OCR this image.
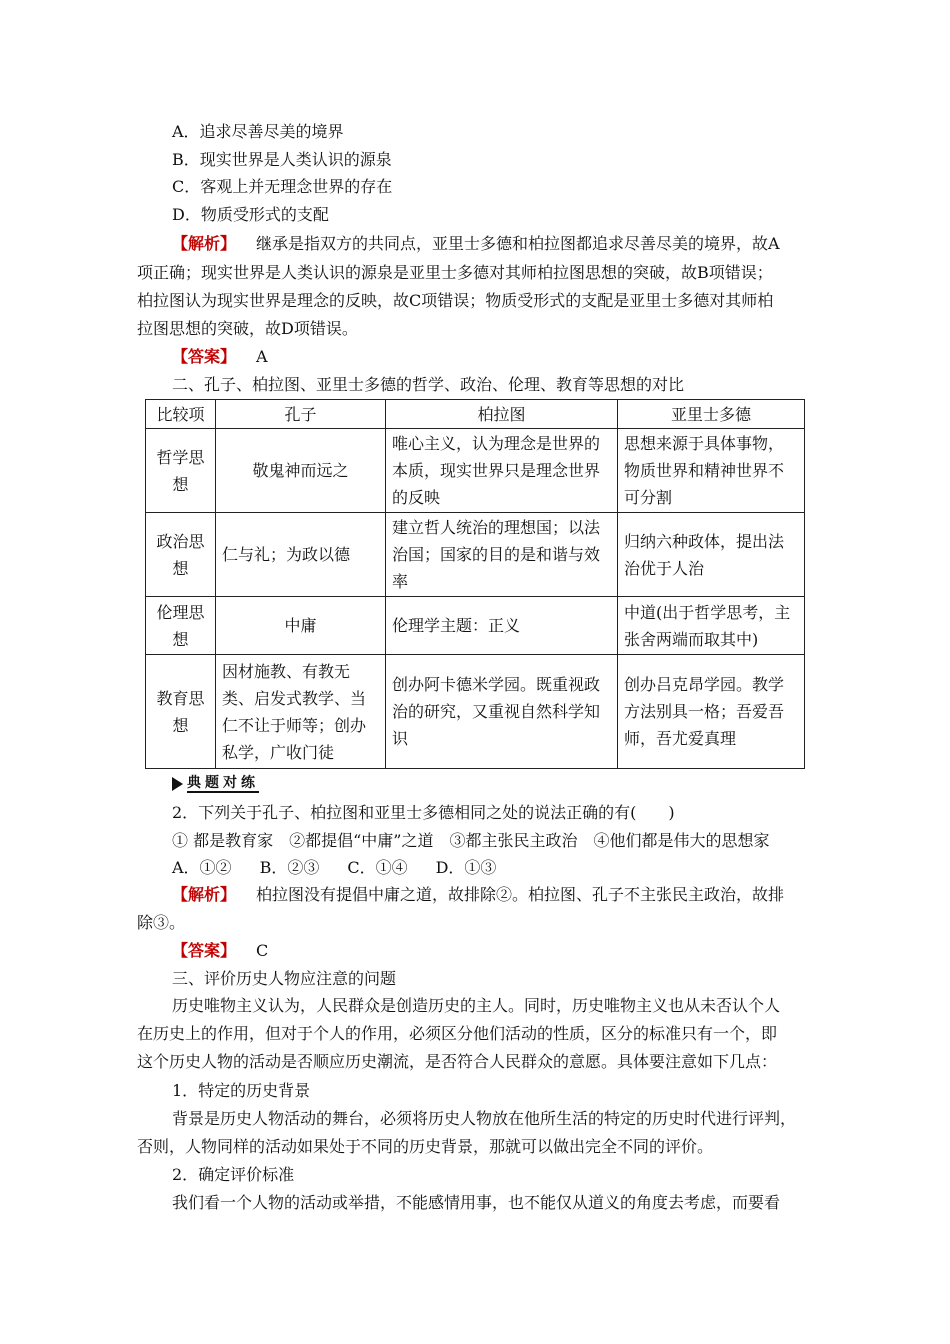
A．追求尽善尽美的境界
B．现实世界是人类认识的源泉
C．客观上并无理念世界的存在
D．物质受形式的支配
【解析】 继承是指双方的共同点，亚里士多德和柏拉图都追求尽善尽美的境界，故A
项正确；现实世界是人类认识的源泉是亚里士多德对其师柏拉图思想的突破，故B项错误；
柏拉图认为现实世界是理念的反映，故C项错误；物质受形式的支配是亚里士多德对其师柏
拉图思想的突破，故D项错误。
【答案】 A
二、孔子、柏拉图、亚里士多德的哲学、政治、伦理、教育等思想的对比
比较项	孔子	柏拉图	亚里士多德
哲学思想	敬鬼神而远之	唯心主义，认为理念是世界的本质，现实世界只是理念世界的反映	思想来源于具体事物，物质世界和精神世界不可分割
政治思想	仁与礼；为政以德	建立哲人统治的理想国；以法治国；国家的目的是和谐与效率	归纳六种政体，提出法治优于人治
伦理思想	中庸	伦理学主题：正义	中道(出于哲学思考，主张舍两端而取其中)
教育思想	因材施教、有教无类、启发式教学、当仁不让于师等；创办私学，广收门徒	创办阿卡德米学园。既重视政治的研究，又重视自然科学知识	创办吕克昂学园。教学方法别具一格；吾爱吾师，吾尤爱真理
典题对练
2．下列关于孔子、柏拉图和亚里士多德相同之处的说法正确的有(　　)
① 都是教育家　②都提倡“中庸”之道　③都主张民主政治　④他们都是伟大的思想家
A．①② B．②③ C．①④ D．①③
【解析】 柏拉图没有提倡中庸之道，故排除②。柏拉图、孔子不主张民主政治，故排
除③。
【答案】 C
三、评价历史人物应注意的问题
历史唯物主义认为，人民群众是创造历史的主人。同时，历史唯物主义也从未否认个人
在历史上的作用，但对于个人的作用，必须区分他们活动的性质，区分的标准只有一个，即
这个历史人物的活动是否顺应历史潮流，是否符合人民群众的意愿。具体要注意如下几点：
1．特定的历史背景
背景是历史人物活动的舞台，必须将历史人物放在他所生活的特定的历史时代进行评判，
否则，人物同样的活动如果处于不同的历史背景，那就可以做出完全不同的评价。
2．确定评价标准
我们看一个人物的活动或举措，不能感情用事，也不能仅从道义的角度去考虑，而要看
